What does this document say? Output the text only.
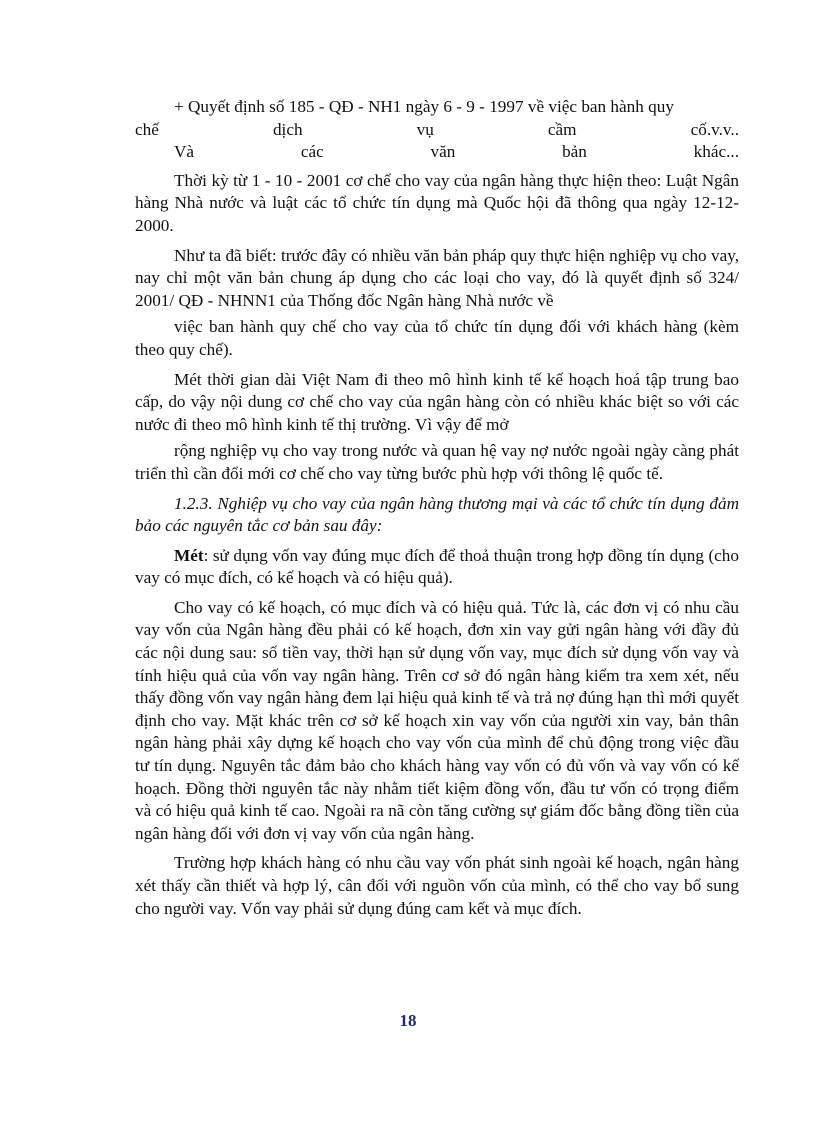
+ Quyết định số 185 - QĐ - NH1 ngày 6 - 9 - 1997 về việc ban hành quy

chế dịch vụ cầm cố.v.v..

Và các văn bản khác...

Thời kỳ từ 1 - 10 - 2001 cơ chế cho vay của ngân hàng thực hiện theo: Luật Ngân hàng Nhà nước và luật các tổ chức tín dụng mà Quốc hội đã thông qua ngày 12-12-2000.

Như ta đã biết: trước đây có nhiều văn bản pháp quy thực hiện nghiệp vụ cho vay, nay chỉ một văn bản chung áp dụng cho các loại cho vay, đó là quyết định số 324/ 2001/ QĐ - NHNN1 của Thống đốc Ngân hàng Nhà nước về

việc ban hành quy chế cho vay của tổ chức tín dụng đối với khách hàng (kèm theo quy chế).

Mét thời gian dài Việt Nam đi theo mô hình kinh tế kế hoạch hoá tập trung bao cấp, do vậy nội dung cơ chế cho vay của ngân hàng còn có nhiều khác biệt so với các nước đi theo mô hình kinh tế thị trường. Vì vậy để mở

rộng nghiệp vụ cho vay trong nước và quan hệ vay nợ nước ngoài ngày càng phát triển thì cần đổi mới cơ chế cho vay từng bước phù hợp với thông lệ quốc tế.

1.2.3. Nghiệp vụ cho vay của ngân hàng thương mại và các tổ chức tín dụng đảm bảo các nguyên tắc cơ bản sau đây:

Mét: sử dụng vốn vay đúng mục đích để thoả thuận trong hợp đồng tín dụng (cho vay có mục đích, có kế hoạch và có hiệu quả).

Cho vay có kế hoạch, có mục đích và có hiệu quả. Tức là, các đơn vị có nhu cầu vay vốn của Ngân hàng đều phải có kế hoạch, đơn xin vay gửi ngân hàng với đầy đủ các nội dung sau: số tiền vay, thời hạn sử dụng vốn vay, mục đích sử dụng vốn vay và tính hiệu quả của vốn vay ngân hàng. Trên cơ sở đó ngân hàng kiểm tra xem xét, nếu thấy đồng vốn vay ngân hàng đem lại hiệu quả kinh tế và trả nợ đúng hạn thì mới quyết định cho vay. Mặt khác trên cơ sở kế hoạch xin vay vốn của người xin vay, bản thân ngân hàng phải xây dựng kế hoạch cho vay vốn của mình để chủ động trong việc đầu tư tín dụng. Nguyên tắc đảm bảo cho khách hàng vay vốn có đủ vốn và vay vốn có kế hoạch. Đồng thời nguyên tắc này nhằm tiết kiệm đồng vốn, đầu tư vốn có trọng điểm và có hiệu quả kinh tế cao. Ngoài ra nã còn tăng cường sự giám đốc bằng đồng tiền của ngân hàng đối với đơn vị vay vốn của ngân hàng.

Trường hợp khách hàng có nhu cầu vay vốn phát sinh ngoài kế hoạch, ngân hàng xét thấy cần thiết và hợp lý, cân đối với nguồn vốn của mình, có thể cho vay bổ sung cho người vay. Vốn vay phải sử dụng đúng cam kết và mục đích.

18
